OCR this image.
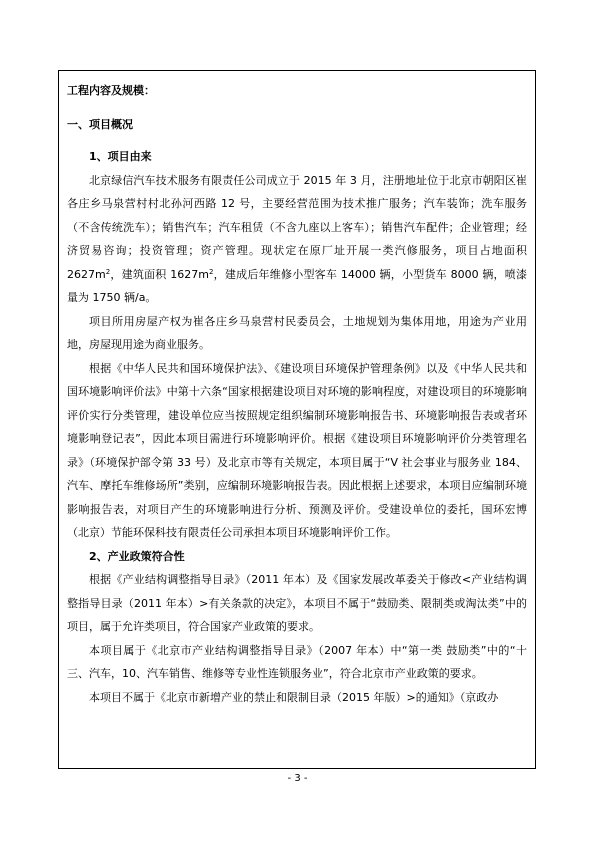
工程内容及规模：

一、项目概况

1、项目由来

北京绿信汽车技术服务有限责任公司成立于 2015 年 3 月，注册地址位于北京市朝阳区崔各庄乡马泉营村村北孙河西路 12 号，主要经营范围为技术推广服务；汽车装饰；洗车服务（不含传统洗车）；销售汽车；汽车租赁（不含九座以上客车）；销售汽车配件；企业管理；经济贸易咨询；投资管理；资产管理。现状定在原厂址开展一类汽修服务，项目占地面积 $2627m^2$，建筑面积 $1627m^2$，建成后年维修小型客车 14000 辆，小型货车 8000 辆，喷漆量为 1750 辆/a。

项目所用房屋产权为崔各庄乡马泉营村民委员会，土地规划为集体用地，用途为产业用地，房屋现用途为商业服务。

根据《中华人民共和国环境保护法》、《建设项目环境保护管理条例》以及《中华人民共和国环境影响评价法》中第十六条“国家根据建设项目对环境的影响程度，对建设项目的环境影响评价实行分类管理，建设单位应当按照规定组织编制环境影响报告书、环境影响报告表或者环境影响登记表”，因此本项目需进行环境影响评价。根据《建设项目环境影响评价分类管理名录》（环境保护部令第 33 号）及北京市等有关规定，本项目属于“V 社会事业与服务业 184、汽车、摩托车维修场所”类别，应编制环境影响报告表。因此根据上述要求，本项目应编制环境影响报告表，对项目产生的环境影响进行分析、预测及评价。受建设单位的委托，国环宏博（北京）节能环保科技有限责任公司承担本项目环境影响评价工作。

2、产业政策符合性

根据《产业结构调整指导目录》（2011 年本）及《国家发展改革委关于修改<产业结构调整指导目录（2011 年本）>有关条款的决定》，本项目不属于“鼓励类、限制类或淘汰类”中的项目，属于允许类项目，符合国家产业政策的要求。

本项目属于《北京市产业结构调整指导目录》（2007 年本）中“第一类 鼓励类”中的“十三、汽车，10、汽车销售、维修等专业性连锁服务业”，符合北京市产业政策的要求。

本项目不属于《北京市新增产业的禁止和限制目录（2015 年版）>的通知》（京政办

- 3 -
